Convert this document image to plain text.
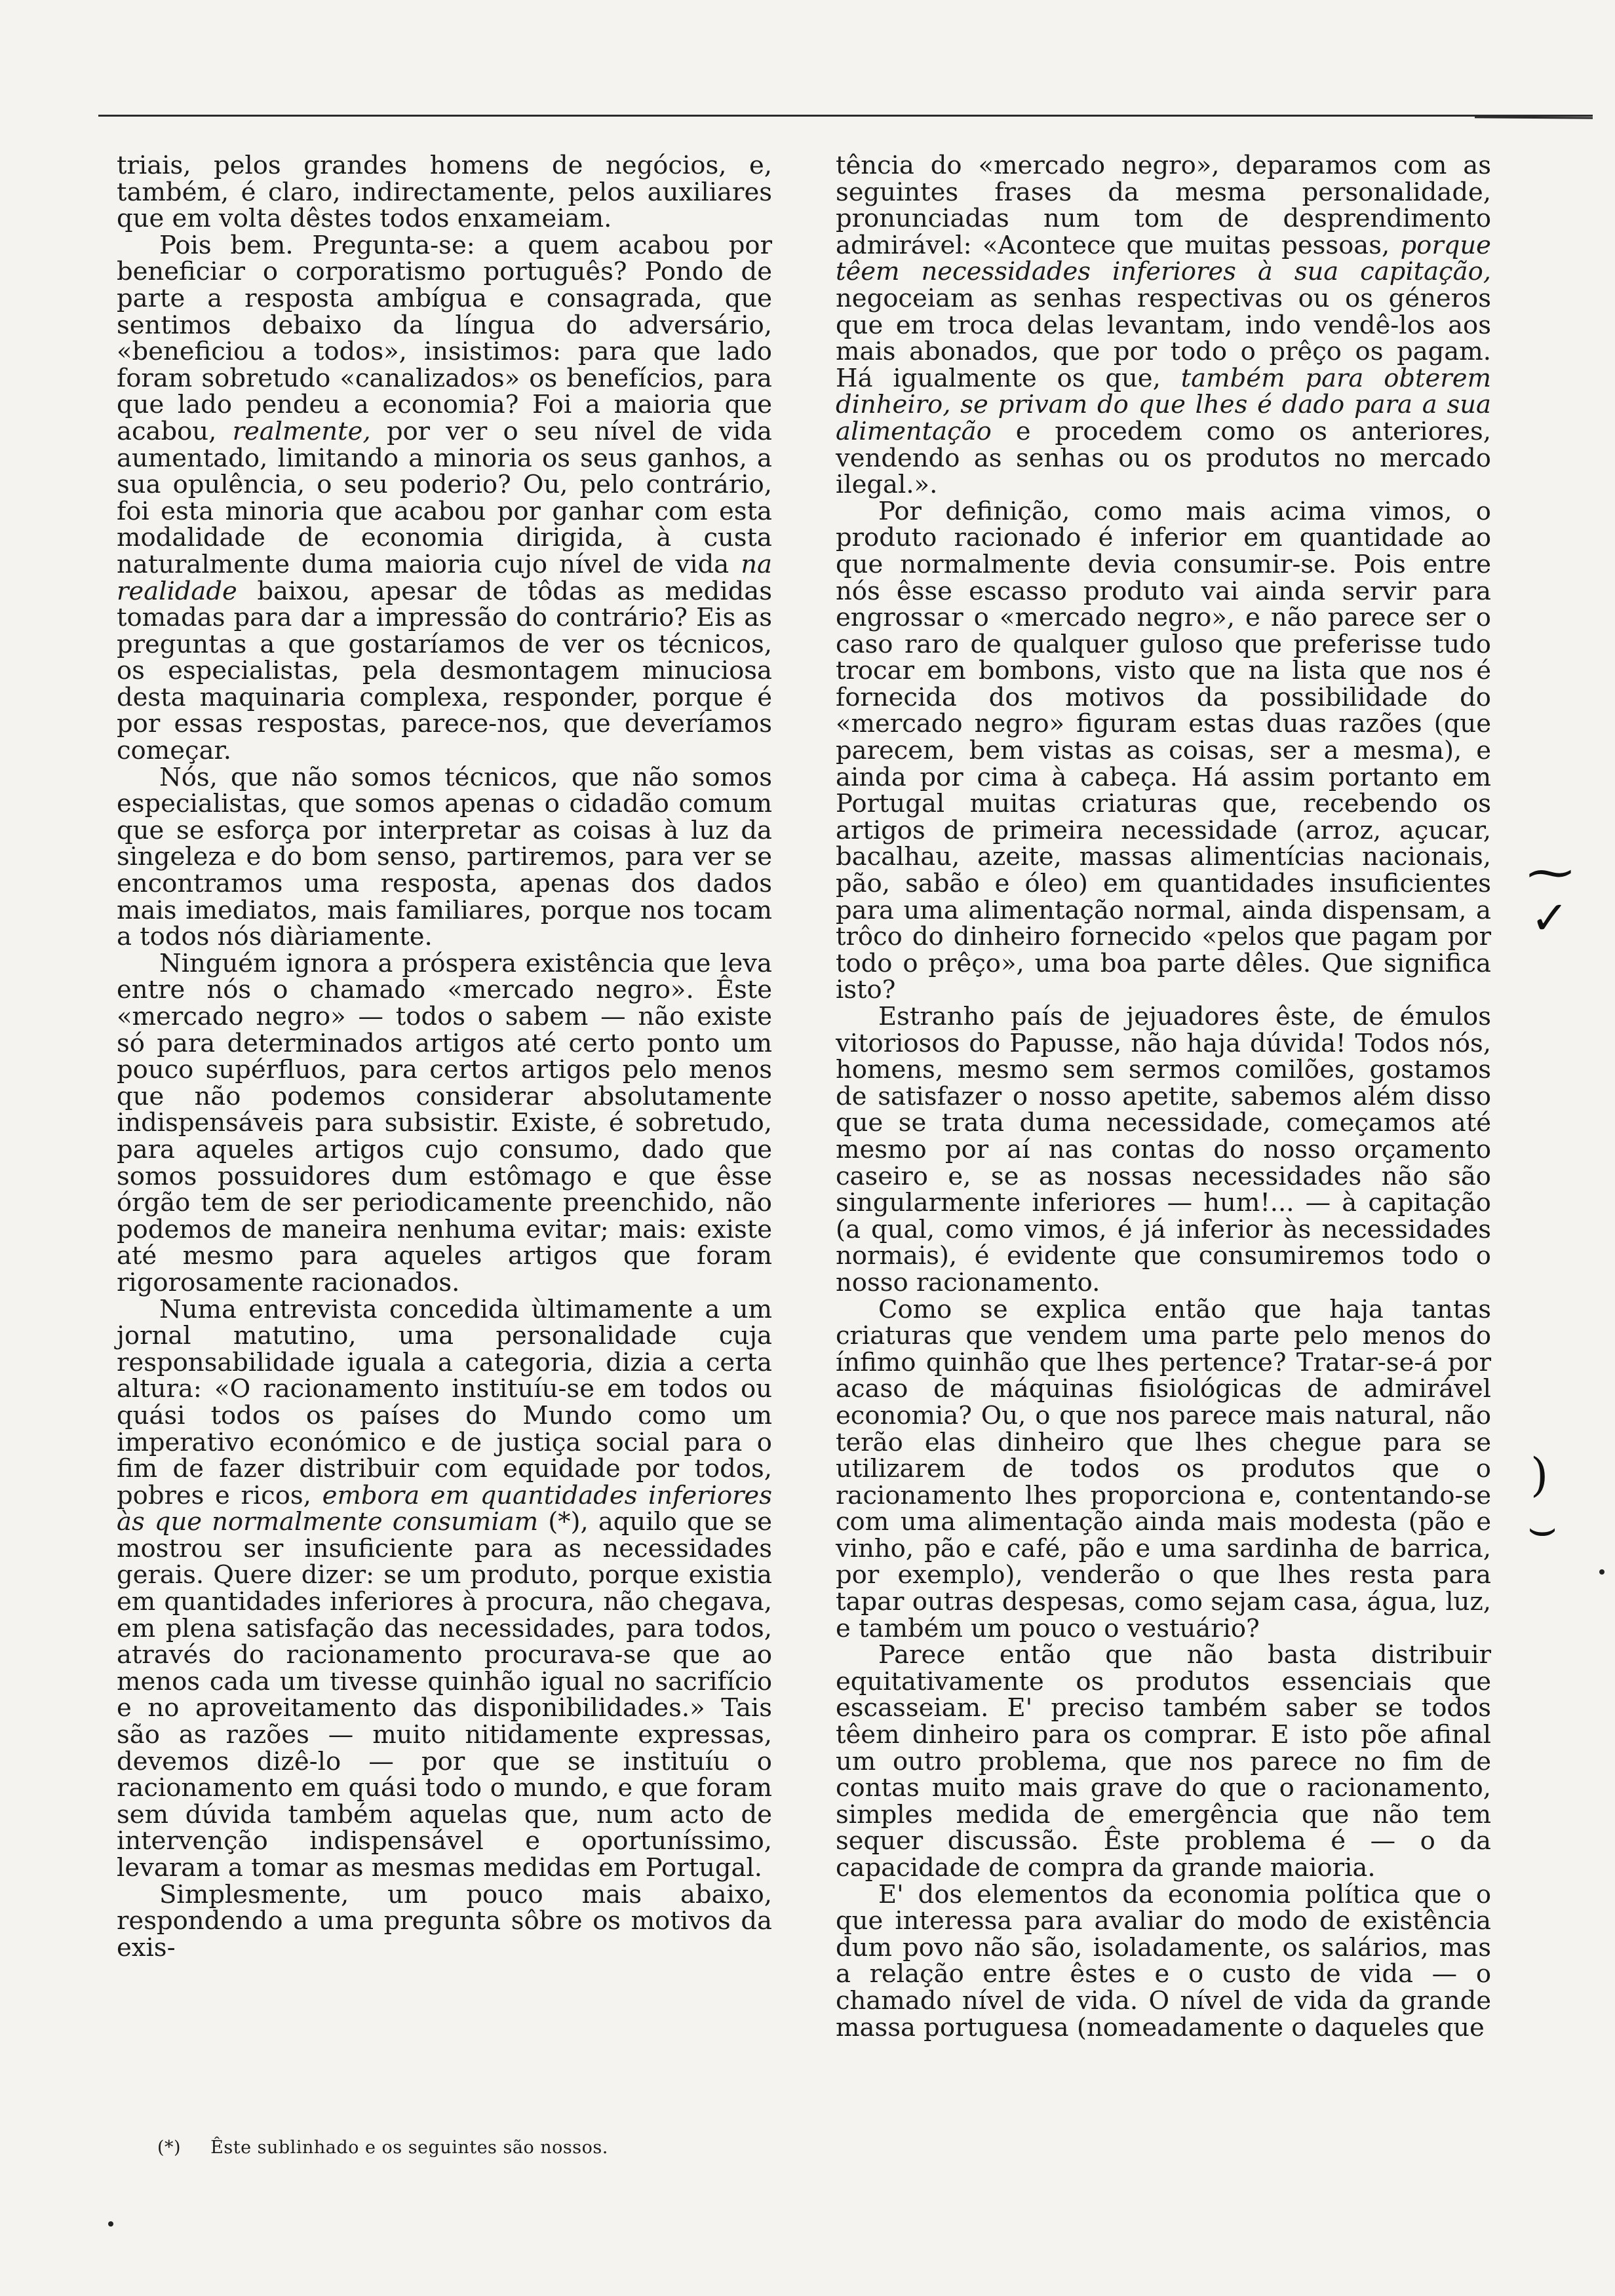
triais, pelos grandes homens de negócios, e, também, é claro, indirectamente, pelos auxiliares que em volta dêstes todos enxameiam.

Pois bem. Pregunta-se: a quem acabou por beneficiar o corporatismo português? Pondo de parte a resposta ambígua e consagrada, que sentimos debaixo da língua do adversário, «beneficiou a todos», insistimos: para que lado foram sobretudo «canalizados» os benefícios, para que lado pendeu a economia? Foi a maioria que acabou, realmente, por ver o seu nível de vida aumentado, limitando a minoria os seus ganhos, a sua opulência, o seu poderio? Ou, pelo contrário, foi esta minoria que acabou por ganhar com esta modalidade de economia dirigida, à custa naturalmente duma maioria cujo nível de vida na realidade baixou, apesar de tôdas as medidas tomadas para dar a impressão do contrário? Eis as preguntas a que gostaríamos de ver os técnicos, os especialistas, pela desmontagem minuciosa desta maquinaria complexa, responder, porque é por essas respostas, parece-nos, que deveríamos começar.

Nós, que não somos técnicos, que não somos especialistas, que somos apenas o cidadão comum que se esforça por interpretar as coisas à luz da singeleza e do bom senso, partiremos, para ver se encontramos uma resposta, apenas dos dados mais imediatos, mais familiares, porque nos tocam a todos nós diàriamente.

Ninguém ignora a próspera existência que leva entre nós o chamado «mercado negro». Êste «mercado negro» — todos o sabem — não existe só para determinados artigos até certo ponto um pouco supérfluos, para certos artigos pelo menos que não podemos considerar absolutamente indispensáveis para subsistir. Existe, é sobretudo, para aqueles artigos cujo consumo, dado que somos possuidores dum estômago e que êsse órgão tem de ser periodicamente preenchido, não podemos de maneira nenhuma evitar; mais: existe até mesmo para aqueles artigos que foram rigorosamente racionados.

Numa entrevista concedida ùltimamente a um jornal matutino, uma personalidade cuja responsabilidade iguala a categoria, dizia a certa altura: «O racionamento instituíu-se em todos ou quási todos os países do Mundo como um imperativo económico e de justiça social para o fim de fazer distribuir com equidade por todos, pobres e ricos, embora em quantidades inferiores às que normalmente consumiam (*), aquilo que se mostrou ser insuficiente para as necessidades gerais. Quere dizer: se um produto, porque existia em quantidades inferiores à procura, não chegava, em plena satisfação das necessidades, para todos, através do racionamento procurava-se que ao menos cada um tivesse quinhão igual no sacrifício e no aproveitamento das disponibilidades.» Tais são as razões — muito nitidamente expressas, devemos dizê-lo — por que se instituíu o racionamento em quási todo o mundo, e que foram sem dúvida também aquelas que, num acto de intervenção indispensável e oportuníssimo, levaram a tomar as mesmas medidas em Portugal.

Simplesmente, um pouco mais abaixo, respondendo a uma pregunta sôbre os motivos da exis-

tência do «mercado negro», deparamos com as seguintes frases da mesma personalidade, pronunciadas num tom de desprendimento admirável: «Acontece que muitas pessoas, porque têem necessidades inferiores à sua capitação, negoceiam as senhas respectivas ou os géneros que em troca delas levantam, indo vendê-los aos mais abonados, que por todo o prêço os pagam. Há igualmente os que, também para obterem dinheiro, se privam do que lhes é dado para a sua alimentação e procedem como os anteriores, vendendo as senhas ou os produtos no mercado ilegal.».

Por definição, como mais acima vimos, o produto racionado é inferior em quantidade ao que normalmente devia consumir-se. Pois entre nós êsse escasso produto vai ainda servir para engrossar o «mercado negro», e não parece ser o caso raro de qualquer guloso que preferisse tudo trocar em bombons, visto que na lista que nos é fornecida dos motivos da possibilidade do «mercado negro» figuram estas duas razões (que parecem, bem vistas as coisas, ser a mesma), e ainda por cima à cabeça. Há assim portanto em Portugal muitas criaturas que, recebendo os artigos de primeira necessidade (arroz, açucar, bacalhau, azeite, massas alimentícias nacionais, pão, sabão e óleo) em quantidades insuficientes para uma alimentação normal, ainda dispensam, a trôco do dinheiro fornecido «pelos que pagam por todo o prêço», uma boa parte dêles. Que significa isto?

Estranho país de jejuadores êste, de émulos vitoriosos do Papusse, não haja dúvida! Todos nós, homens, mesmo sem sermos comilões, gostamos de satisfazer o nosso apetite, sabemos além disso que se trata duma necessidade, começamos até mesmo por aí nas contas do nosso orçamento caseiro e, se as nossas necessidades não são singularmente inferiores — hum!... — à capitação (a qual, como vimos, é já inferior às necessidades normais), é evidente que consumiremos todo o nosso racionamento.

Como se explica então que haja tantas criaturas que vendem uma parte pelo menos do ínfimo quinhão que lhes pertence? Tratar-se-á por acaso de máquinas fisiológicas de admirável economia? Ou, o que nos parece mais natural, não terão elas dinheiro que lhes chegue para se utilizarem de todos os produtos que o racionamento lhes proporciona e, contentando-se com uma alimentação ainda mais modesta (pão e vinho, pão e café, pão e uma sardinha de barrica, por exemplo), venderão o que lhes resta para tapar outras despesas, como sejam casa, água, luz, e também um pouco o vestuário?

Parece então que não basta distribuir equitativamente os produtos essenciais que escasseiam. E' preciso também saber se todos têem dinheiro para os comprar. E isto põe afinal um outro problema, que nos parece no fim de contas muito mais grave do que o racionamento, simples medida de emergência que não tem sequer discussão. Êste problema é — o da capacidade de compra da grande maioria.

E' dos elementos da economia política que o que interessa para avaliar do modo de existência dum povo não são, isoladamente, os salários, mas a relação entre êstes e o custo de vida — o chamado nível de vida. O nível de vida da grande massa portuguesa (nomeadamente o daqueles que

(*) Êste sublinhado e os seguintes são nossos.
⁓
✓
)
⌣
